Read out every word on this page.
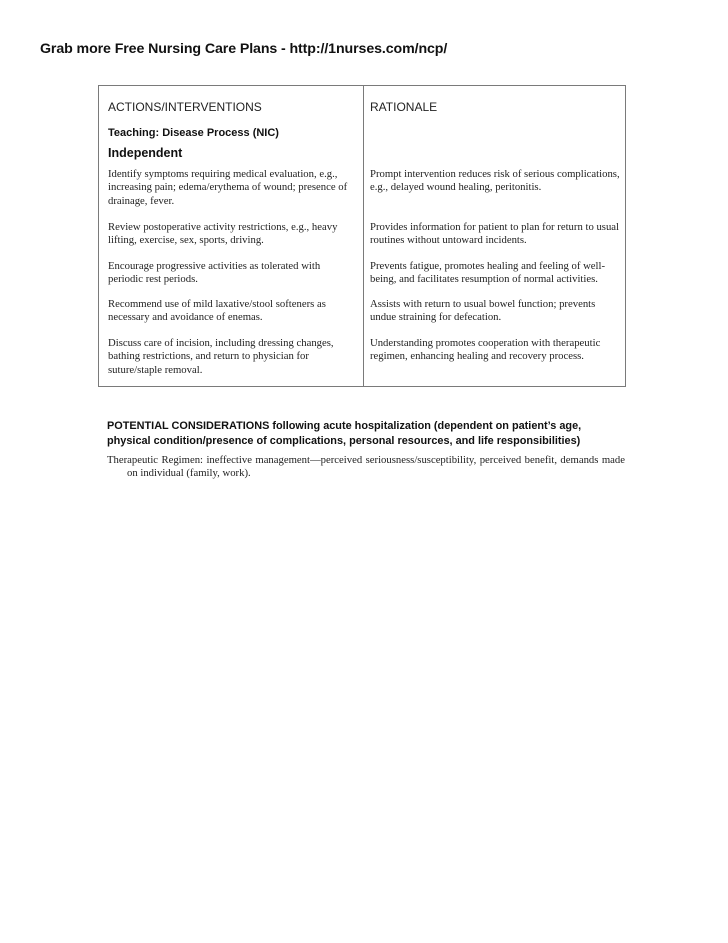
Grab more Free Nursing Care Plans - http://1nurses.com/ncp/
ACTIONS/INTERVENTIONS	RATIONALE
Teaching: Disease Process (NIC)
Independent
Identify symptoms requiring medical evaluation, e.g., increasing pain; edema/erythema of wound; presence of drainage, fever.
Prompt intervention reduces risk of serious complications, e.g., delayed wound healing, peritonitis.
Review postoperative activity restrictions, e.g., heavy lifting, exercise, sex, sports, driving.
Provides information for patient to plan for return to usual routines without untoward incidents.
Encourage progressive activities as tolerated with periodic rest periods.
Prevents fatigue, promotes healing and feeling of well-being, and facilitates resumption of normal activities.
Recommend use of mild laxative/stool softeners as necessary and avoidance of enemas.
Assists with return to usual bowel function; prevents undue straining for defecation.
Discuss care of incision, including dressing changes, bathing restrictions, and return to physician for suture/staple removal.
Understanding promotes cooperation with therapeutic regimen, enhancing healing and recovery process.

POTENTIAL CONSIDERATIONS following acute hospitalization (dependent on patient’s age, physical condition/presence of complications, personal resources, and life responsibilities)

Therapeutic Regimen: ineffective management—perceived seriousness/susceptibility, perceived benefit, demands made on individual (family, work).
